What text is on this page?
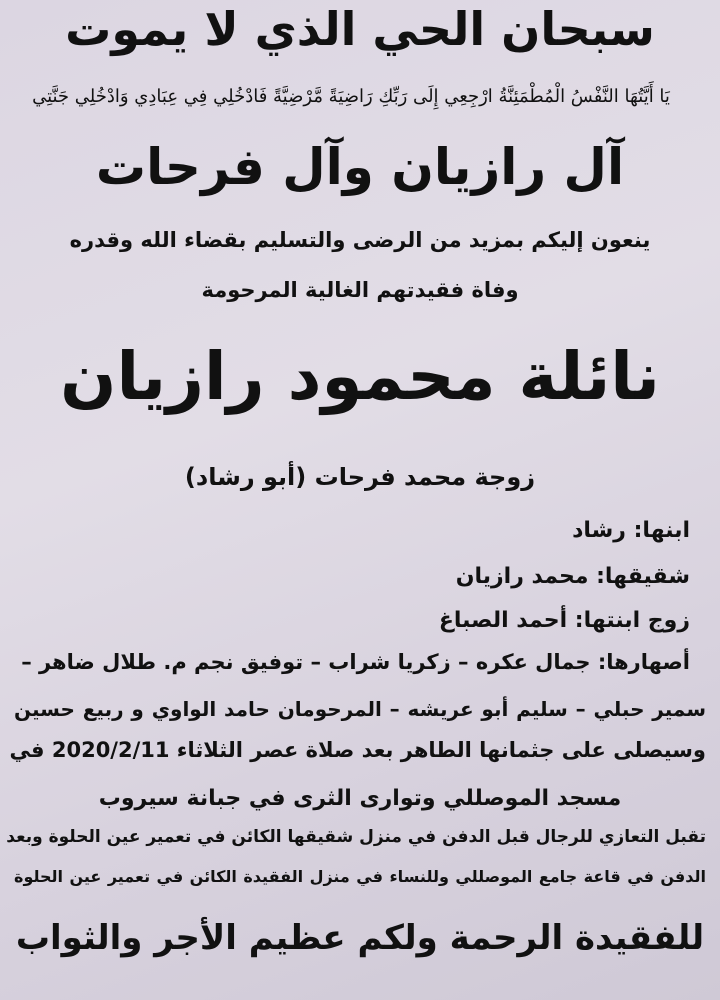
سبحان الحي الذي لا يموت
يَا أَيَّتُهَا النَّفْسُ الْمُطْمَئِنَّةُ ارْجِعِي إِلَى رَبِّكِ رَاضِيَةً مَّرْضِيَّةً فَادْخُلِي فِي عِبَادِي وَادْخُلِي جَنَّتِي
آل رازيان وآل فرحات
ينعون إليكم بمزيد من الرضى والتسليم بقضاء الله وقدره
وفاة فقيدتهم الغالية المرحومة
نائلة محمود رازيان
زوجة محمد فرحات (أبو رشاد)
ابنها: رشاد
شقيقها: محمد رازيان
زوج ابنتها: أحمد الصباغ
أصهارها: جمال عكره – زكريا شراب – توفيق نجم م. طلال ضاهر –
سمير حبلي – سليم أبو عريشه – المرحومان حامد الواوي و ربيع حسين
وسيصلى على جثمانها الطاهر بعد صلاة عصر الثلاثاء 2020/2/11 في
مسجد الموصللي وتوارى الثرى في جبانة سيروب
تقبل التعازي للرجال قبل الدفن في منزل شقيقها الكائن في تعمير عين الحلوة وبعد
الدفن في قاعة جامع الموصللي وللنساء في منزل الفقيدة الكائن في تعمير عين الحلوة
للفقيدة الرحمة ولكم عظيم الأجر والثواب
